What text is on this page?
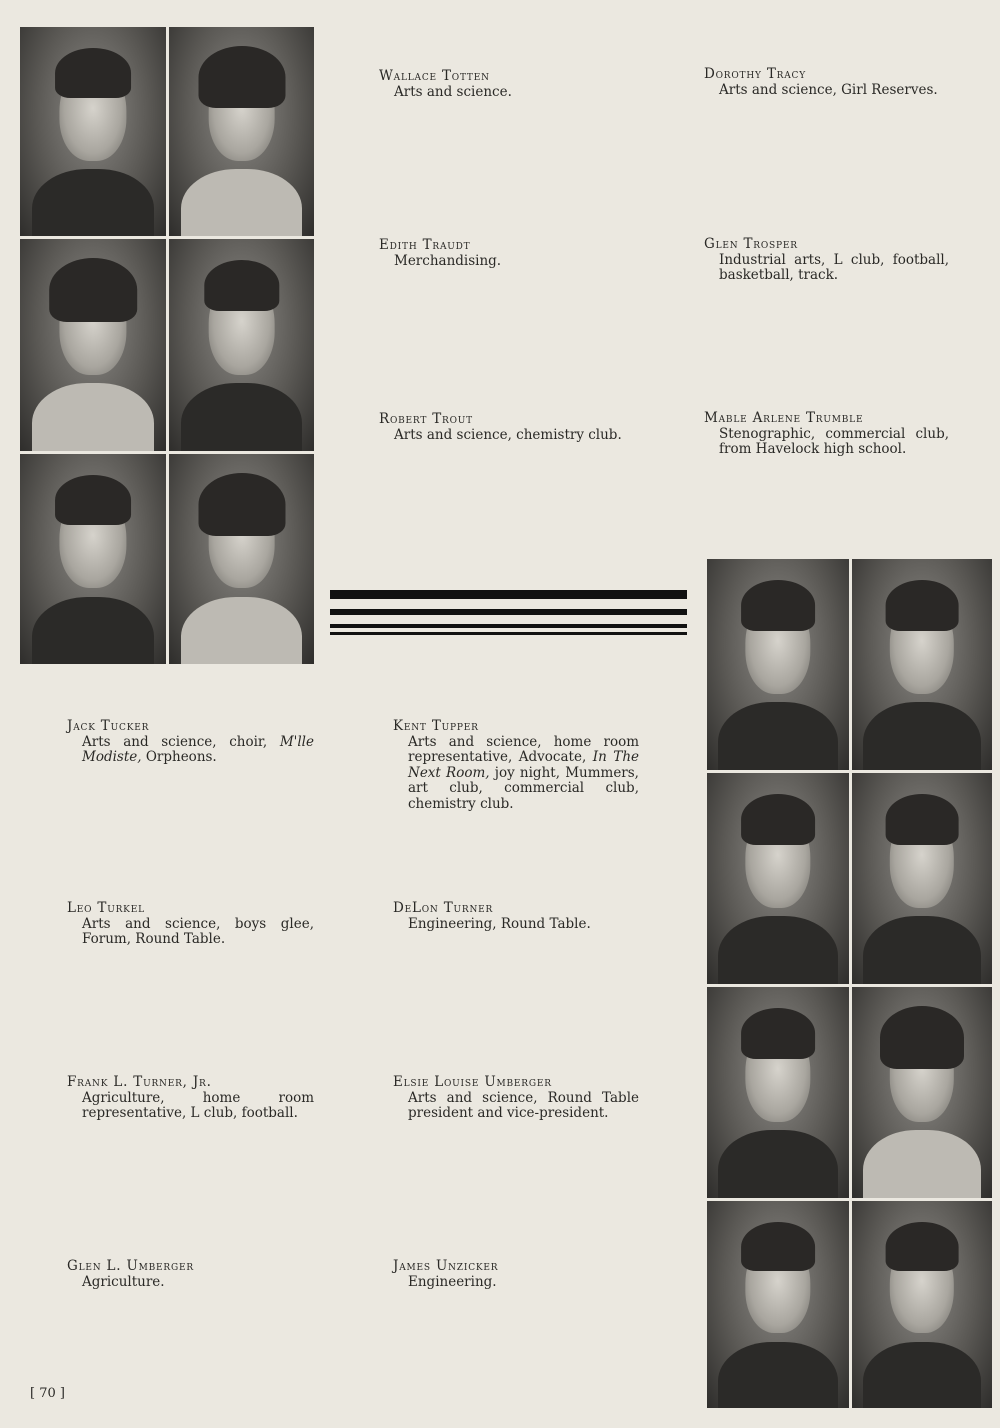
Wallace Totten
Arts and science.
Dorothy Tracy
Arts and science, Girl Reserves.
Edith Traudt
Merchandising.
Glen Trosper
Industrial arts, L club, football, basketball, track.
Robert Trout
Arts and science, chemistry club.
Mable Arlene Trumble
Stenographic, commercial club, from Havelock high school.
Jack Tucker
Arts and science, choir, M'lle Modiste, Orpheons.
Kent Tupper
Arts and science, home room representative, Advocate, In The Next Room, joy night, Mummers, art club, commercial club, chemistry club.
Leo Turkel
Arts and science, boys glee, Forum, Round Table.
DeLon Turner
Engineering, Round Table.
Frank L. Turner, Jr.
Agriculture, home room representative, L club, football.
Elsie Louise Umberger
Arts and science, Round Table president and vice-president.
Glen L. Umberger
Agriculture.
James Unzicker
Engineering.
[ 70 ]
